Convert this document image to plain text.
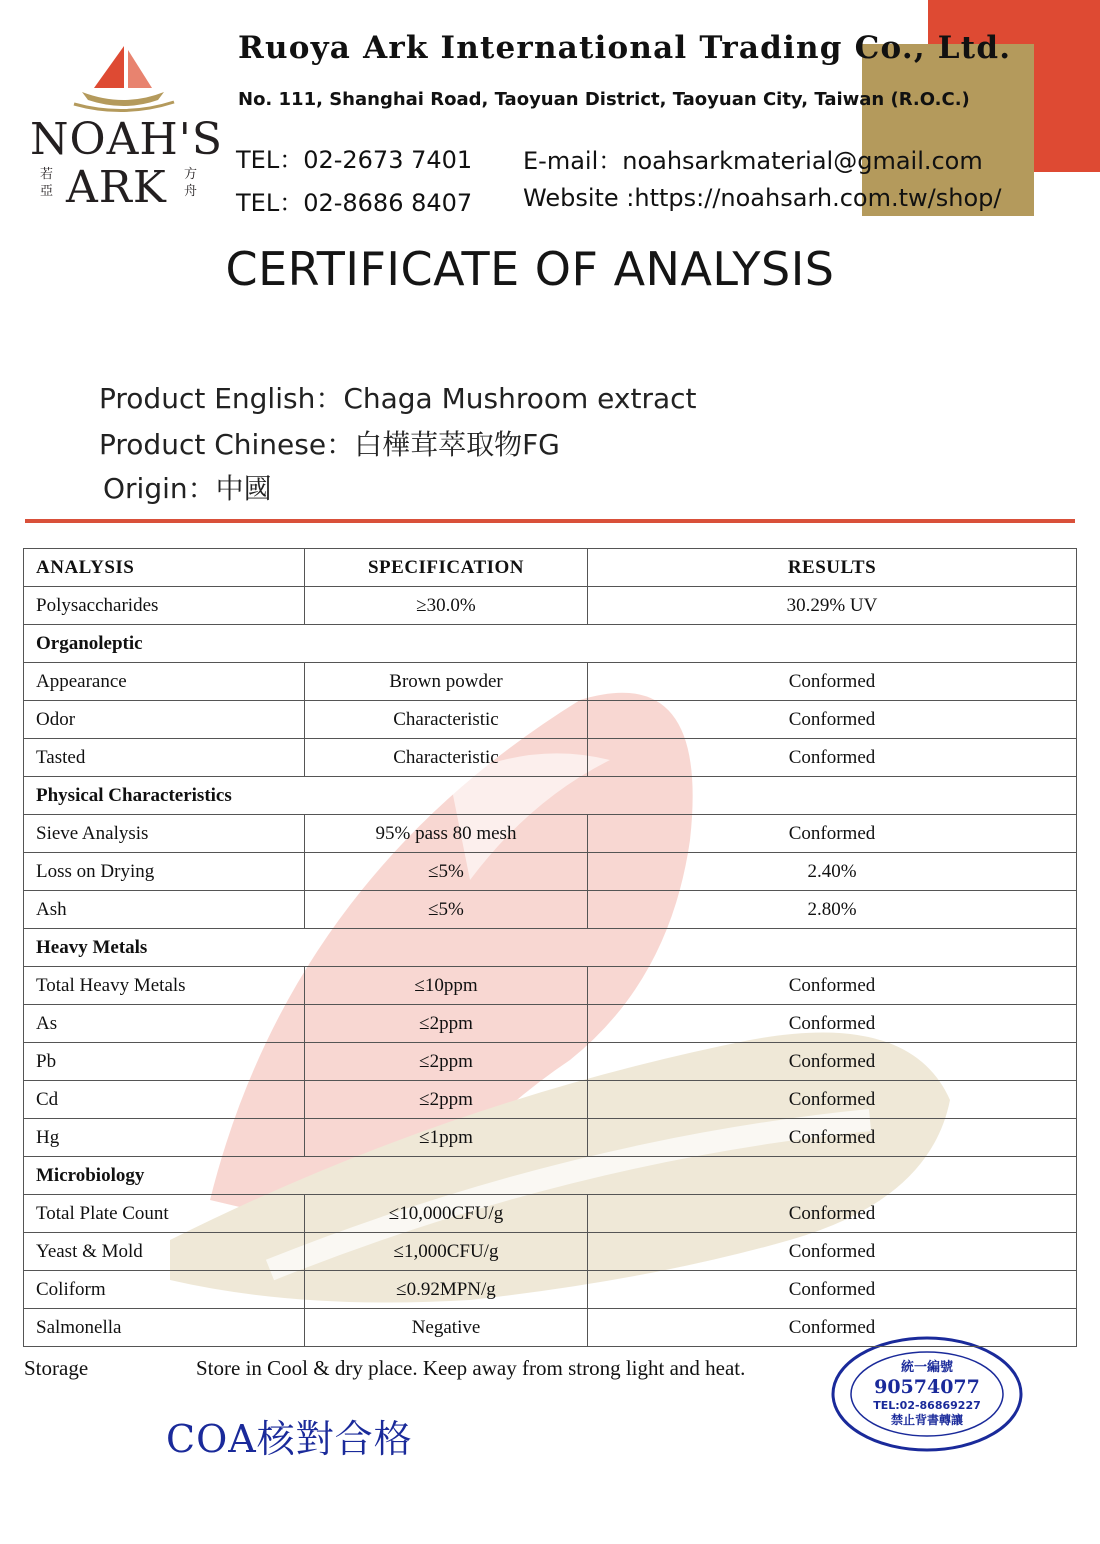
NOAH'S
ARK
若亞
方舟
Ruoya Ark International Trading Co., Ltd.
No. 111, Shanghai Road, Taoyuan District, Taoyuan City, Taiwan (R.O.C.)
TEL：02-2673 7401
TEL：02-8686 8407
E-mail：noahsarkmaterial@gmail.com
Website :https://noahsarh.com.tw/shop/
CERTIFICATE OF ANALYSIS
Product English：Chaga Mushroom extract
Product Chinese：白樺茸萃取物FG
Origin：中國
ANALYSIS	SPECIFICATION	RESULTS
Polysaccharides	≥30.0%	30.29% UV
Organoleptic		
Appearance	Brown powder	Conformed
Odor	Characteristic	Conformed
Tasted	Characteristic	Conformed
Physical Characteristics		
Sieve Analysis	95% pass 80 mesh	Conformed
Loss on Drying	≤5%	2.40%
Ash	≤5%	2.80%
Heavy Metals		
Total Heavy Metals	≤10ppm	Conformed
As	≤2ppm	Conformed
Pb	≤2ppm	Conformed
Cd	≤2ppm	Conformed
Hg	≤1ppm	Conformed
Microbiology		
Total Plate Count	≤10,000CFU/g	Conformed
Yeast & Mold	≤1,000CFU/g	Conformed
Coliform	≤0.92MPN/g	Conformed
Salmonella	Negative	Conformed
Storage	Store in Cool & dry place. Keep away from strong light and heat.
COA核對合格
統一編號
90574077
TEL:02-86869227
禁止背書轉讓
